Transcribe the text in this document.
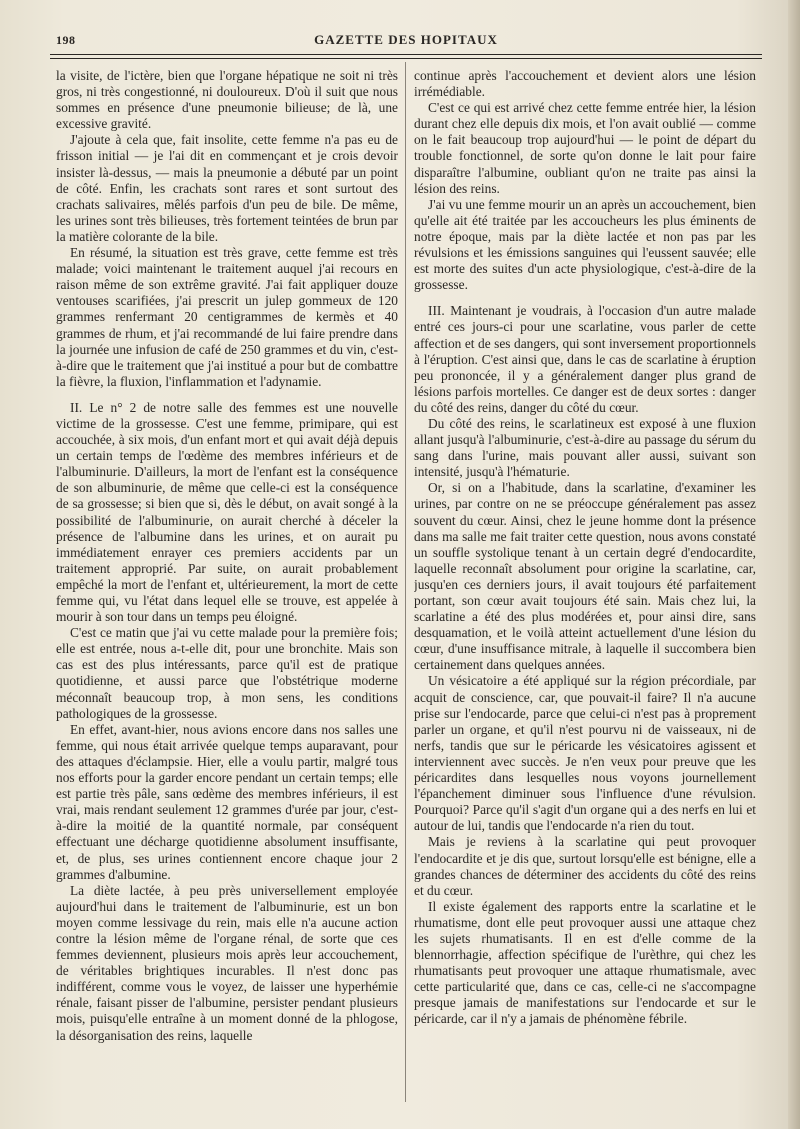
198	GAZETTE DES HOPITAUX

la visite, de l'ictère, bien que l'organe hépatique ne soit ni très gros, ni très congestionné, ni douloureux. D'où il suit que nous sommes en présence d'une pneumonie bilieuse; de là, une excessive gravité.

J'ajoute à cela que, fait insolite, cette femme n'a pas eu de frisson initial — je l'ai dit en commençant et je crois devoir insister là-dessus, — mais la pneumonie a débuté par un point de côté. Enfin, les crachats sont rares et sont surtout des crachats salivaires, mêlés parfois d'un peu de bile. De même, les urines sont très bilieuses, très fortement teintées de brun par la matière colorante de la bile.

En résumé, la situation est très grave, cette femme est très malade; voici maintenant le traitement auquel j'ai recours en raison même de son extrême gravité. J'ai fait appliquer douze ventouses scarifiées, j'ai prescrit un julep gommeux de 120 grammes renfermant 20 centigrammes de kermès et 40 grammes de rhum, et j'ai recommandé de lui faire prendre dans la journée une infusion de café de 250 grammes et du vin, c'est-à-dire que le traitement que j'ai institué a pour but de combattre la fièvre, la fluxion, l'inflammation et l'adynamie.

II. Le n° 2 de notre salle des femmes est une nouvelle victime de la grossesse. C'est une femme, primipare, qui est accouchée, à six mois, d'un enfant mort et qui avait déjà depuis un certain temps de l'œdème des membres inférieurs et de l'albuminurie. D'ailleurs, la mort de l'enfant est la conséquence de son albuminurie, de même que celle-ci est la conséquence de sa grossesse; si bien que si, dès le début, on avait songé à la possibilité de l'albuminurie, on aurait cherché à déceler la présence de l'albumine dans les urines, et on aurait pu immédiatement enrayer ces premiers accidents par un traitement approprié. Par suite, on aurait probablement empêché la mort de l'enfant et, ultérieurement, la mort de cette femme qui, vu l'état dans lequel elle se trouve, est appelée à mourir à son tour dans un temps peu éloigné.

C'est ce matin que j'ai vu cette malade pour la première fois; elle est entrée, nous a-t-elle dit, pour une bronchite. Mais son cas est des plus intéressants, parce qu'il est de pratique quotidienne, et aussi parce que l'obstétrique moderne méconnaît beaucoup trop, à mon sens, les conditions pathologiques de la grossesse.

En effet, avant-hier, nous avions encore dans nos salles une femme, qui nous était arrivée quelque temps auparavant, pour des attaques d'éclampsie. Hier, elle a voulu partir, malgré tous nos efforts pour la garder encore pendant un certain temps; elle est partie très pâle, sans œdème des membres inférieurs, il est vrai, mais rendant seulement 12 grammes d'urée par jour, c'est-à-dire la moitié de la quantité normale, par conséquent effectuant une décharge quotidienne absolument insuffisante, et, de plus, ses urines contiennent encore chaque jour 2 grammes d'albumine.

La diète lactée, à peu près universellement employée aujourd'hui dans le traitement de l'albuminurie, est un bon moyen comme lessivage du rein, mais elle n'a aucune action contre la lésion même de l'organe rénal, de sorte que ces femmes deviennent, plusieurs mois après leur accouchement, de véritables brightiques incurables. Il n'est donc pas indifférent, comme vous le voyez, de laisser une hyperhémie rénale, faisant pisser de l'albumine, persister pendant plusieurs mois, puisqu'elle entraîne à un moment donné de la phlogose, la désorganisation des reins, laquelle

continue après l'accouchement et devient alors une lésion irrémédiable.

C'est ce qui est arrivé chez cette femme entrée hier, la lésion durant chez elle depuis dix mois, et l'on avait oublié — comme on le fait beaucoup trop aujourd'hui — le point de départ du trouble fonctionnel, de sorte qu'on donne le lait pour faire disparaître l'albumine, oubliant qu'on ne traite pas ainsi la lésion des reins.

J'ai vu une femme mourir un an après un accouchement, bien qu'elle ait été traitée par les accoucheurs les plus éminents de notre époque, mais par la diète lactée et non pas par les révulsions et les émissions sanguines qui l'eussent sauvée; elle est morte des suites d'un acte physiologique, c'est-à-dire de la grossesse.

III. Maintenant je voudrais, à l'occasion d'un autre malade entré ces jours-ci pour une scarlatine, vous parler de cette affection et de ses dangers, qui sont inversement proportionnels à l'éruption. C'est ainsi que, dans le cas de scarlatine à éruption peu prononcée, il y a généralement danger plus grand de lésions parfois mortelles. Ce danger est de deux sortes : danger du côté des reins, danger du côté du cœur.

Du côté des reins, le scarlatineux est exposé à une fluxion allant jusqu'à l'albuminurie, c'est-à-dire au passage du sérum du sang dans l'urine, mais pouvant aller aussi, suivant son intensité, jusqu'à l'hématurie.

Or, si on a l'habitude, dans la scarlatine, d'examiner les urines, par contre on ne se préoccupe généralement pas assez souvent du cœur. Ainsi, chez le jeune homme dont la présence dans ma salle me fait traiter cette question, nous avons constaté un souffle systolique tenant à un certain degré d'endocardite, laquelle reconnaît absolument pour origine la scarlatine, car, jusqu'en ces derniers jours, il avait toujours été parfaitement portant, son cœur avait toujours été sain. Mais chez lui, la scarlatine a été des plus modérées et, pour ainsi dire, sans desquamation, et le voilà atteint actuellement d'une lésion du cœur, d'une insuffisance mitrale, à laquelle il succombera bien certainement dans quelques années.

Un vésicatoire a été appliqué sur la région précordiale, par acquit de conscience, car, que pouvait-il faire? Il n'a aucune prise sur l'endocarde, parce que celui-ci n'est pas à proprement parler un organe, et qu'il n'est pourvu ni de vaisseaux, ni de nerfs, tandis que sur le péricarde les vésicatoires agissent et interviennent avec succès. Je n'en veux pour preuve que les péricardites dans lesquelles nous voyons journellement l'épanchement diminuer sous l'influence d'une révulsion. Pourquoi? Parce qu'il s'agit d'un organe qui a des nerfs en lui et autour de lui, tandis que l'endocarde n'a rien du tout.

Mais je reviens à la scarlatine qui peut provoquer l'endocardite et je dis que, surtout lorsqu'elle est bénigne, elle a grandes chances de déterminer des accidents du côté des reins et du cœur.

Il existe également des rapports entre la scarlatine et le rhumatisme, dont elle peut provoquer aussi une attaque chez les sujets rhumatisants. Il en est d'elle comme de la blennorrhagie, affection spécifique de l'urèthre, qui chez les rhumatisants peut provoquer une attaque rhumatismale, avec cette particularité que, dans ce cas, celle-ci ne s'accompagne presque jamais de manifestations sur l'endocarde et sur le péricarde, car il n'y a jamais de phénomène fébrile.
